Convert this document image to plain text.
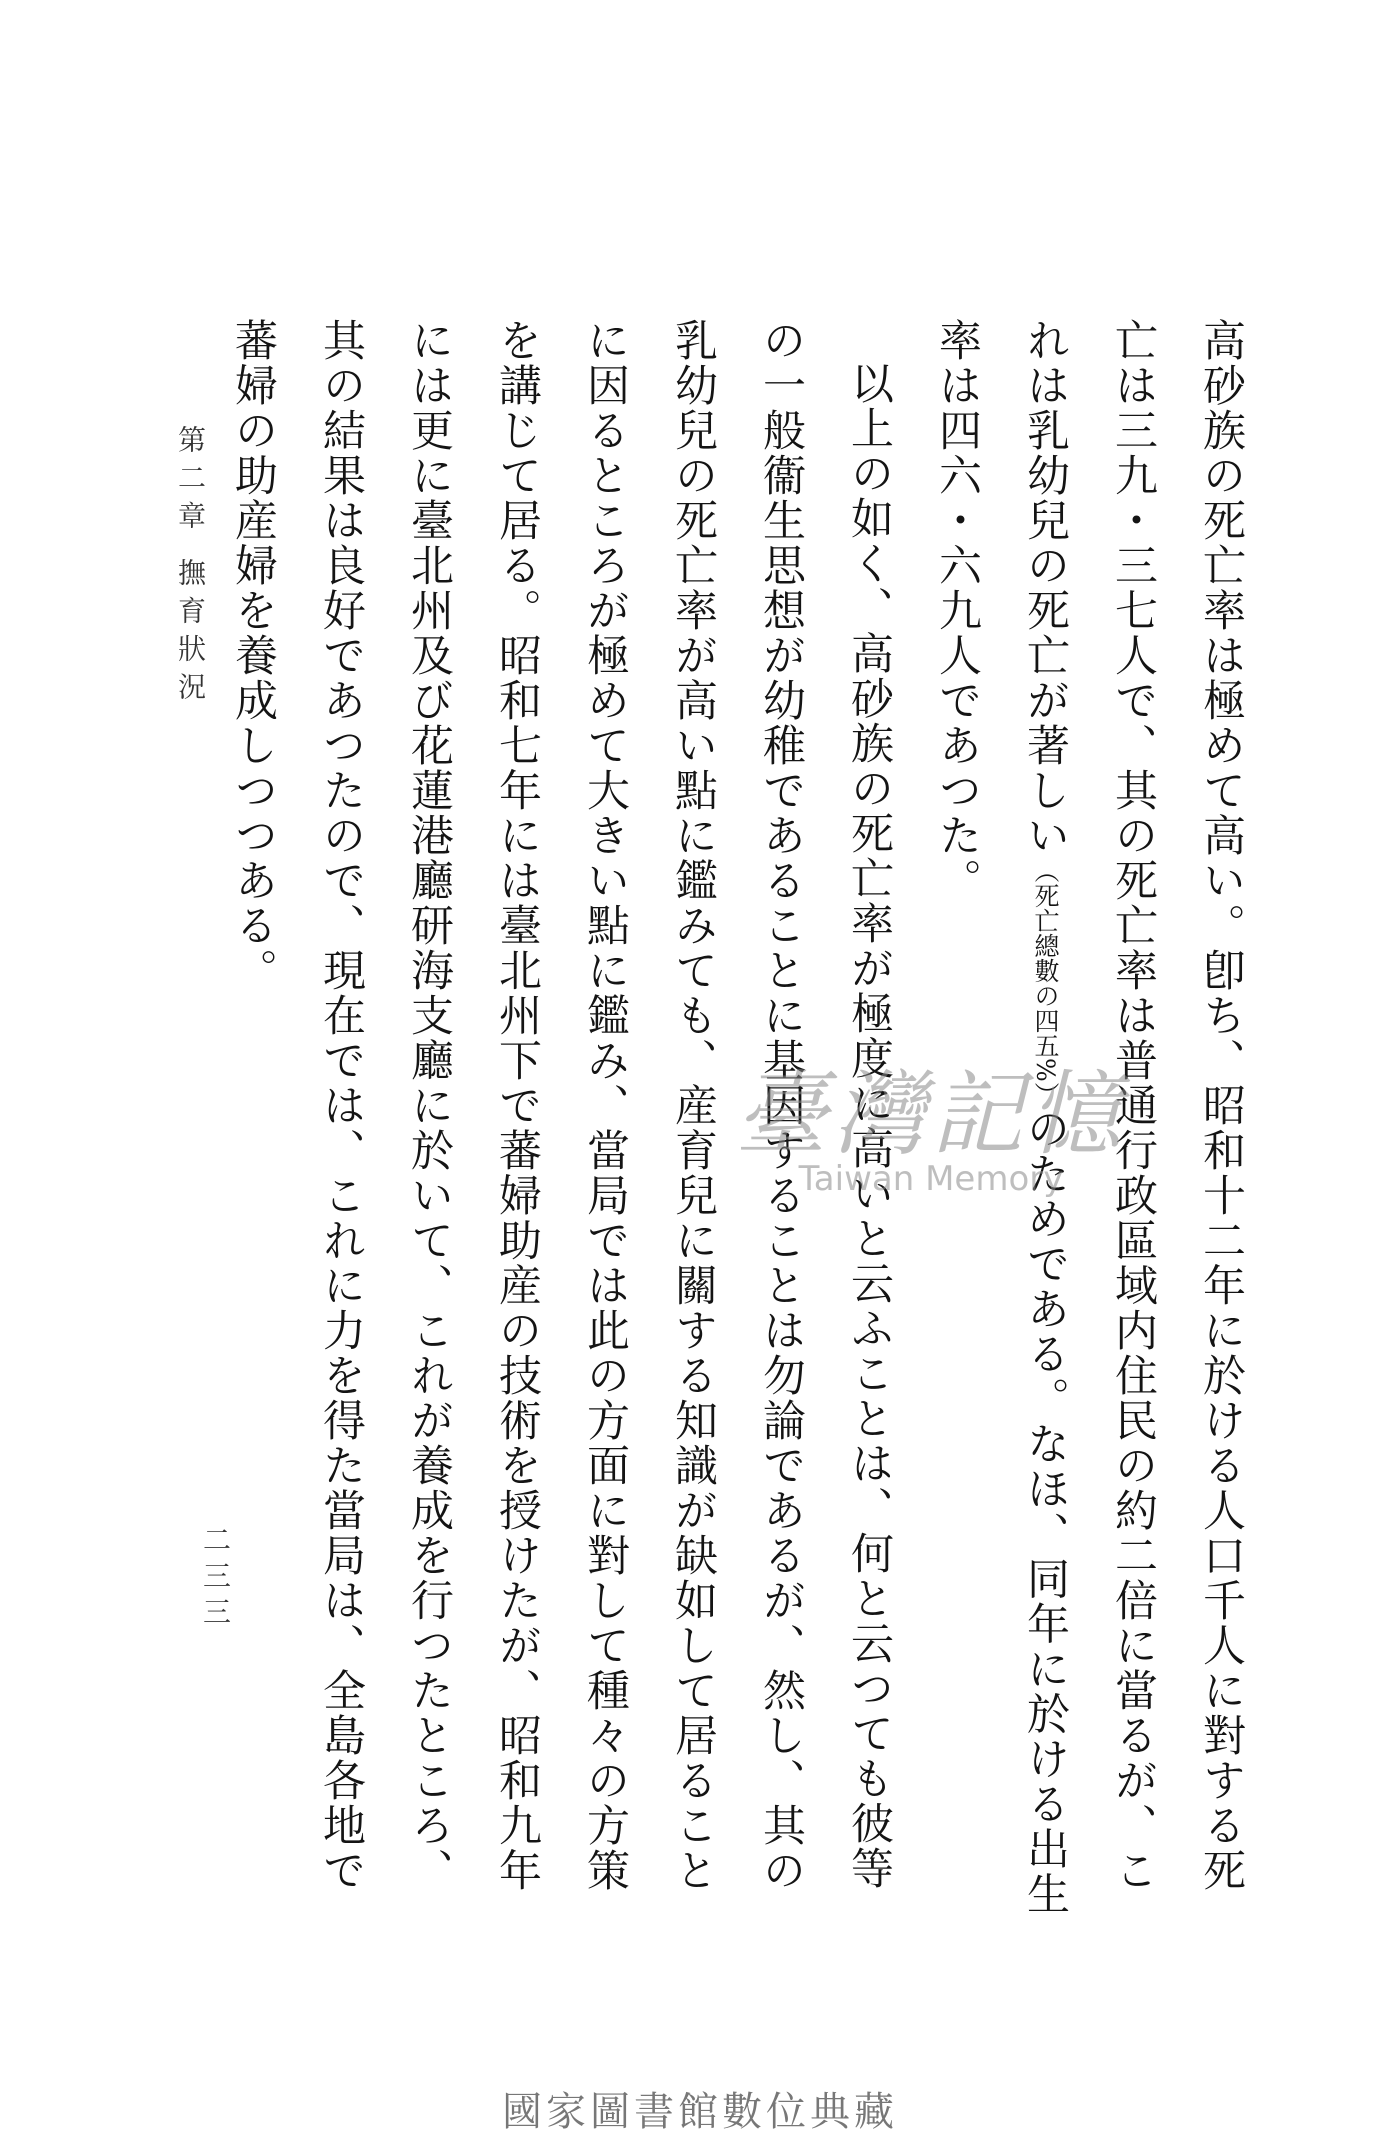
高砂族の死亡率は極めて高い。卽ち、昭和十二年に於ける人口千人に對する死亡は三九・三七人で、其の死亡率は普通行政區域内住民の約二倍に當るが、これは乳幼兒の死亡が著しい（死亡總數の四五%）のためである。なほ、同年に於ける出生率は四六・六九人であつた。

以上の如く、高砂族の死亡率が極度に高いと云ふことは、何と云つても彼等の一般衞生思想が幼稚であることに基因することは勿論であるが、然し、其の乳幼兒の死亡率が高い點に鑑みても、産育兒に關する知識が缺如して居ることに因るところが極めて大きい點に鑑み、當局では此の方面に對して種々の方策を講じて居る。昭和七年には臺北州下で蕃婦助産の技術を授けたが、昭和九年には更に臺北州及び花蓮港廳研海支廳に於いて、これが養成を行つたところ、其の結果は良好であつたので、現在では、これに力を得た當局は、全島各地で蕃婦の助産婦を養成しつつある。

第二章 撫育狀況
二三三
臺灣記憶
Taiwan Memory
國家圖書館數位典藏
